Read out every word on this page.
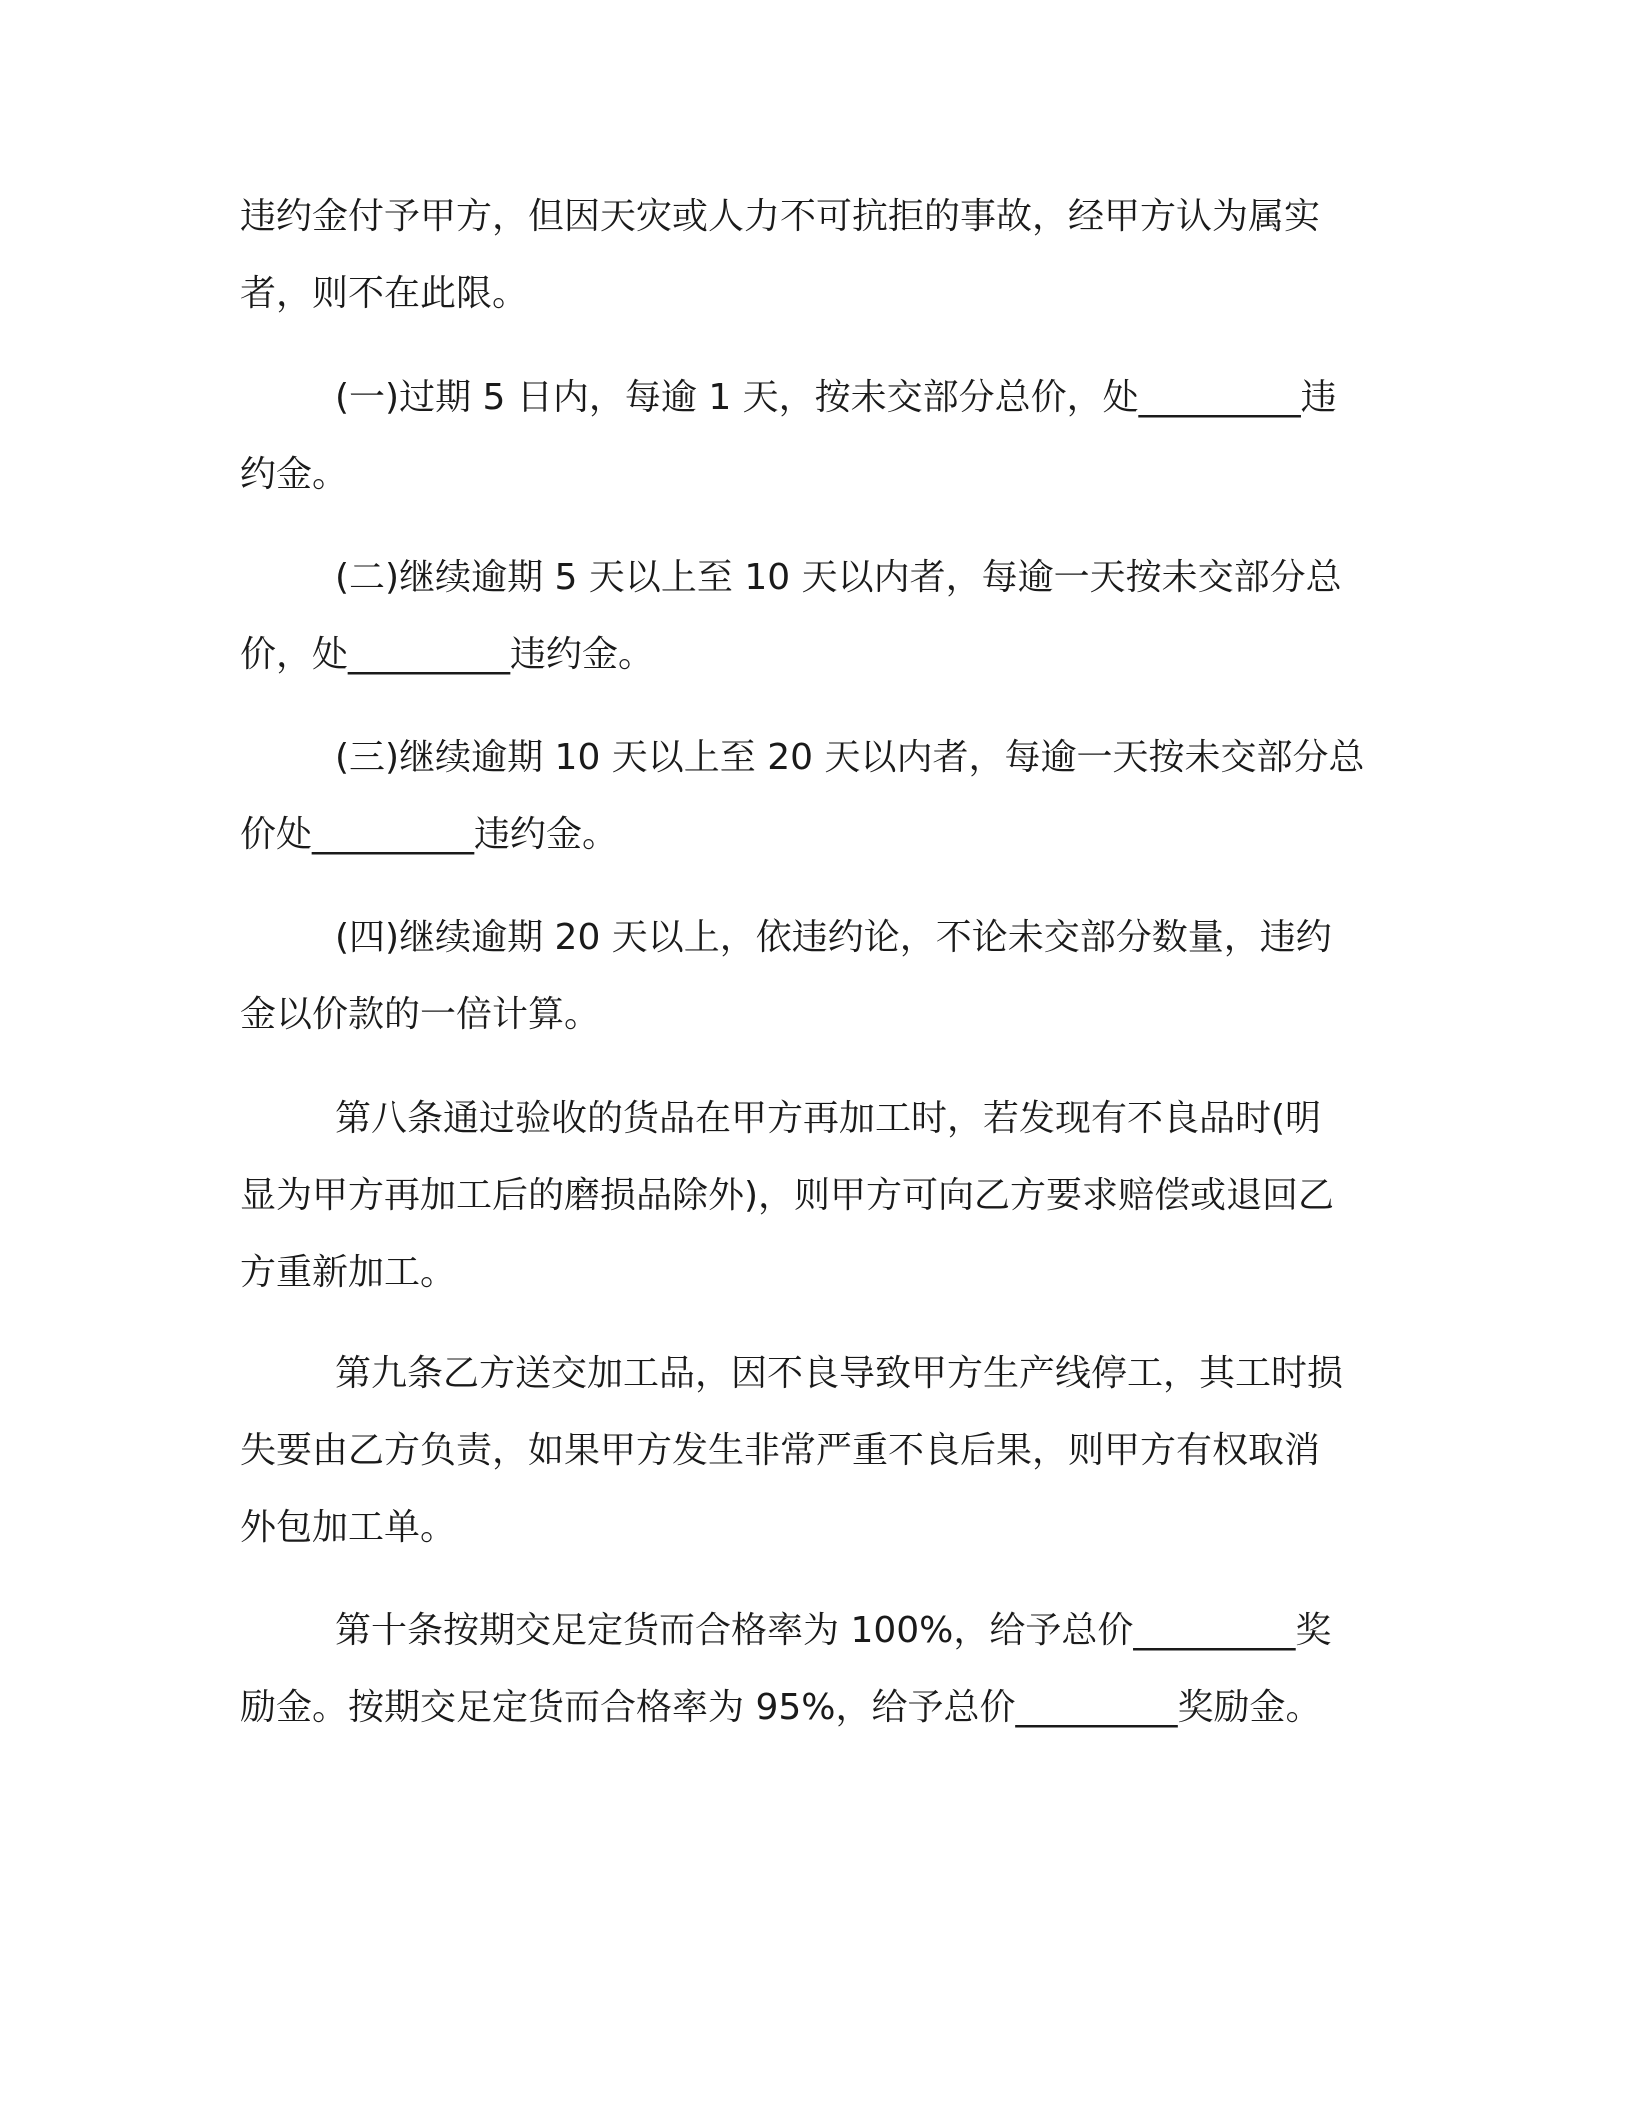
违约金付予甲方，但因天灾或人力不可抗拒的事故，经甲方认为属实
者，则不在此限。

(一)过期 5 日内，每逾 1 天，按未交部分总价，处_________违
约金。

(二)继续逾期 5 天以上至 10 天以内者，每逾一天按未交部分总
价，处_________违约金。

(三)继续逾期 10 天以上至 20 天以内者，每逾一天按未交部分总
价处_________违约金。

(四)继续逾期 20 天以上，依违约论，不论未交部分数量，违约
金以价款的一倍计算。

第八条通过验收的货品在甲方再加工时，若发现有不良品时(明
显为甲方再加工后的磨损品除外)，则甲方可向乙方要求赔偿或退回乙
方重新加工。

第九条乙方送交加工品，因不良导致甲方生产线停工，其工时损
失要由乙方负责，如果甲方发生非常严重不良后果，则甲方有权取消
外包加工单。

第十条按期交足定货而合格率为 100%，给予总价_________奖
励金。按期交足定货而合格率为 95%，给予总价_________奖励金。
